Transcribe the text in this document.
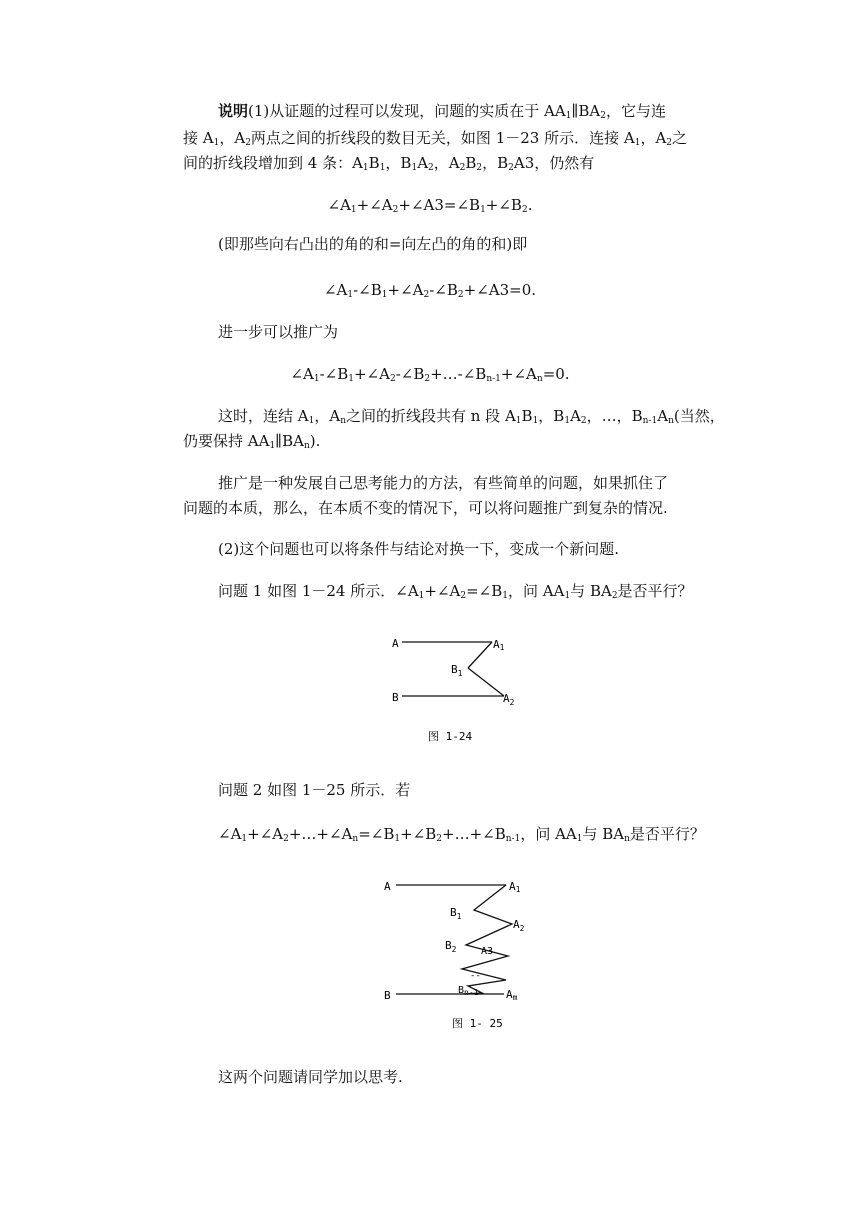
说明(1)从证题的过程可以发现，问题的实质在于 $AA_1\parallel BA_2$，它与连
接 $A_1$，$A_2$两点之间的折线段的数目无关，如图 1－23 所示．连接 $A_1$，$A_2$之
间的折线段增加到 4 条：$A_1B_1$，$B_1A_2$，$A_2B_2$，$B_2A3$，仍然有
$\angle A_1+\angle A_2+\angle A3=\angle B_1+\angle B_2$.
(即那些向右凸出的角的和=向左凸的角的和)即
$\angle A_1-\angle B_1+\angle A_2-\angle B_2+\angle A3=0$.
进一步可以推广为
$\angle A_1-\angle B_1+\angle A_2-\angle B_2+\dots-\angle B_{n-1}+\angle A_n=0$.
这时，连结 $A_1$，$A_n$之间的折线段共有 n 段 $A_1B_1$，$B_1A_2$，…，$B_{n-1}A_n$(当然，
仍要保持 $AA_1\parallel BA_n$).
推广是一种发展自己思考能力的方法，有些简单的问题，如果抓住了
问题的本质，那么，在本质不变的情况下，可以将问题推广到复杂的情况.
(2)这个问题也可以将条件与结论对换一下，变成一个新问题.
问题 1 如图 1－24 所示．$\angle A_1+\angle A_2=\angle B_1$，问 $AA_1$与 $BA_2$是否平行？
A	A1
$B_1$
B	$A_2$
图 1-24
问题 2 如图 1－25 所示．若
$\angle A_1+\angle A_2+\dots+\angle A_n=\angle B_1+\angle B_2+\dots+\angle B_{n-1}$，问 $AA_1$与 $BA_n$是否平行？
A	A1
$B_1$
$A_2$
$B_2$ A3
--
$B_{n-1}$	Am
B
图 1- 25
这两个问题请同学加以思考.
